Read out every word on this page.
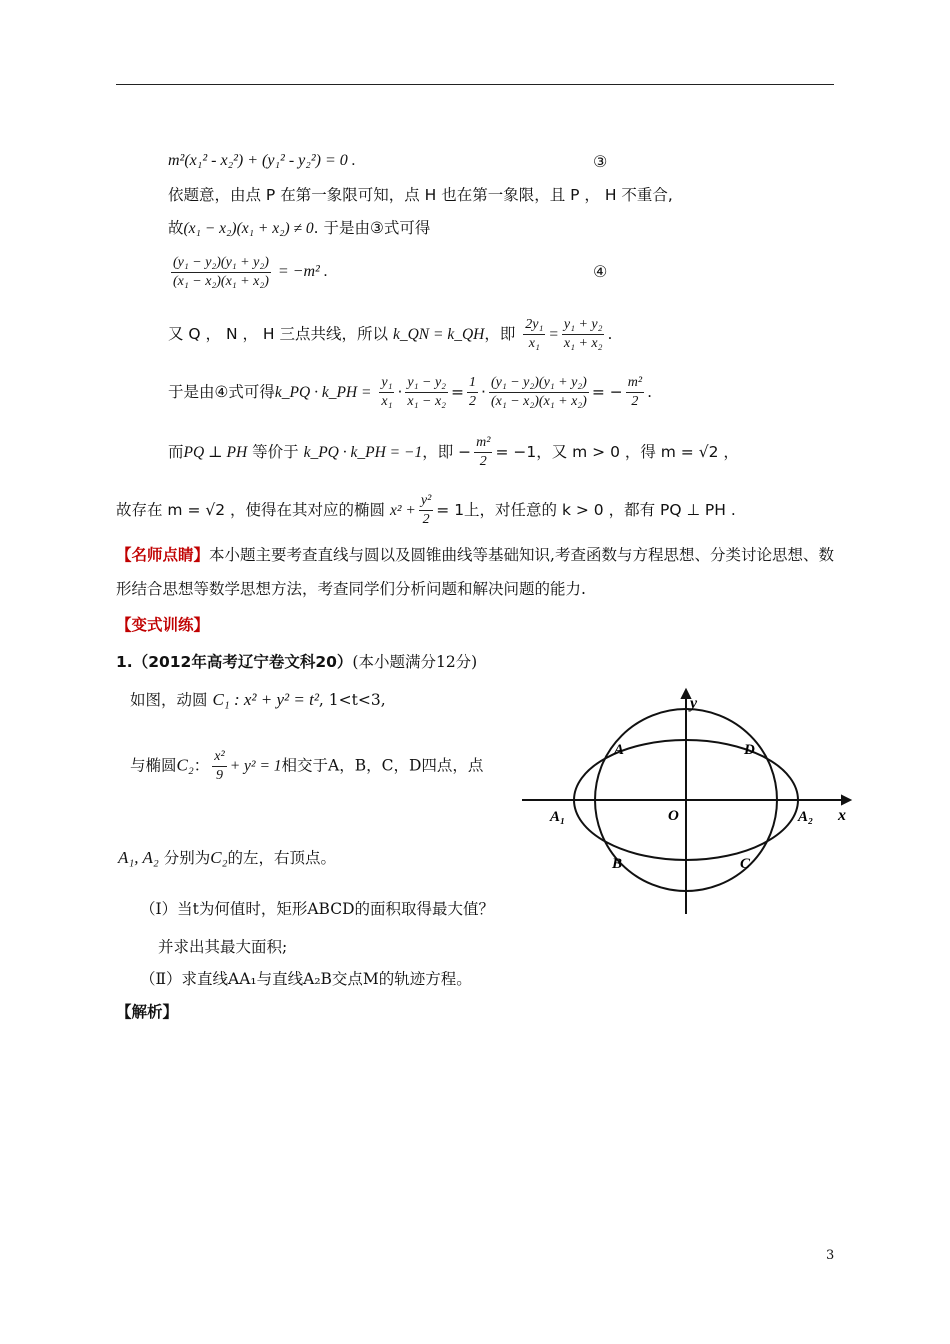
m²(x₁² - x₂²) + (y₁² - y₂²) = 0 .	③
依题意，由点 P 在第一象限可知，点 H 也在第一象限，且 P ， H 不重合,
故(x₁ − x₂)(x₁ + x₂) ≠ 0. 于是由③式可得
$\frac{\text{(y₁ − y₂)(y₁ + y₂)}}{\text{(x₁ − x₂)(x₁ + x₂)}} = -m^2$ .	④
又 Q ， N ， H 三点共线，所以 k_QN = k_QH，即 $\frac{\text{2y₁}}{\text{x₁}} = \frac{\text{y₁ + y₂}}{\text{x₁ + x₂}}$ .
于是由④式可得k_PQ · k_PH = $\frac{\text{y₁}}{\text{x₁}} \cdot \frac{\text{y₁ − y₂}}{\text{x₁ − x₂}} = \frac{1}{2} \cdot \frac{\text{(y₁ − y₂)(y₁ + y₂)}}{\text{(x₁ − x₂)(x₁ + x₂)}}$ = − $\frac{\text{m²}}{2}$ .
而PQ ⊥ PH 等价于 k_PQ · k_PH = −1，即 − $\frac{\text{m²}}{2} = -1$，又 m > 0 ，得 m = √2 ，
故存在 m = √2 ，使得在其对应的椭圆 $x^2 + \frac{\text{y²}}{2} = 1$上，对任意的 k > 0 ，都有 PQ ⊥ PH .
【名师点睛】本小题主要考查直线与圆以及圆锥曲线等基础知识,考查函数与方程思想、分类讨论思想、数形结合思想等数学思想方法，考查同学们分析问题和解决问题的能力.
【变式训练】
1.（2012年高考辽宁卷文科20）(本小题满分12分)
如图，动圆 C₁ : x² + y² = t², 1<t<3,
与椭圆C₂： $\frac{\text{x²}}{9} + y^2 = 1$相交于A，B，C，D四点，点
A₁, A₂ 分别为C₂的左，右顶点。
（Ⅰ）当t为何值时，矩形ABCD的面积取得最大值？
并求出其最大面积;
（Ⅱ）求直线AA₁与直线A₂B交点M的轨迹方程。
【解析】
y
x
O
A	D
B	C
A₁	A₂
3
